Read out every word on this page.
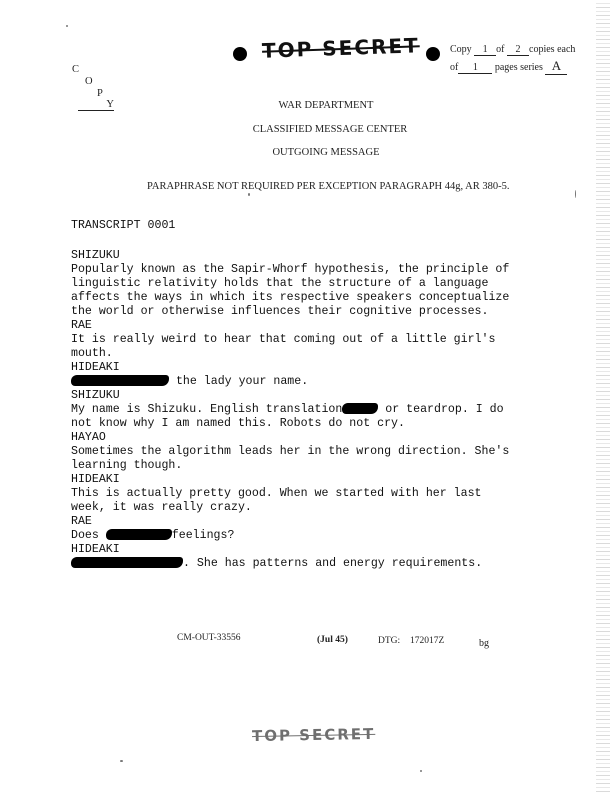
TOP SECRET	Copy 1 of 2 copies each
of 1 pages series A
C
O
P
Y	WAR DEPARTMENT
CLASSIFIED MESSAGE CENTER
OUTGOING MESSAGE
PARAPHRASE NOT REQUIRED PER EXCEPTION PARAGRAPH 44g, AR 380-5.
TRANSCRIPT 0001
SHIZUKU
Popularly known as the Sapir-Whorf hypothesis, the principle of
linguistic relativity holds that the structure of a language
affects the ways in which its respective speakers conceptualize
the world or otherwise influences their cognitive processes.
RAE
It is really weird to hear that coming out of a little girl's
mouth.
HIDEAKI
the lady your name.
SHIZUKU
My name is Shizuku. English translation	or teardrop. I do
not know why I am named this. Robots do not cry.
HAYAO
Sometimes the algorithm leads her in the wrong direction. She's
learning though.
HIDEAKI
This is actually pretty good. When we started with her last
week, it was really crazy.
RAE
Does	feelings?
HIDEAKI
. She has patterns and energy requirements.
CM-OUT-33556	(Jul 45)	DTG: 172017Z	bg
TOP SECRET
